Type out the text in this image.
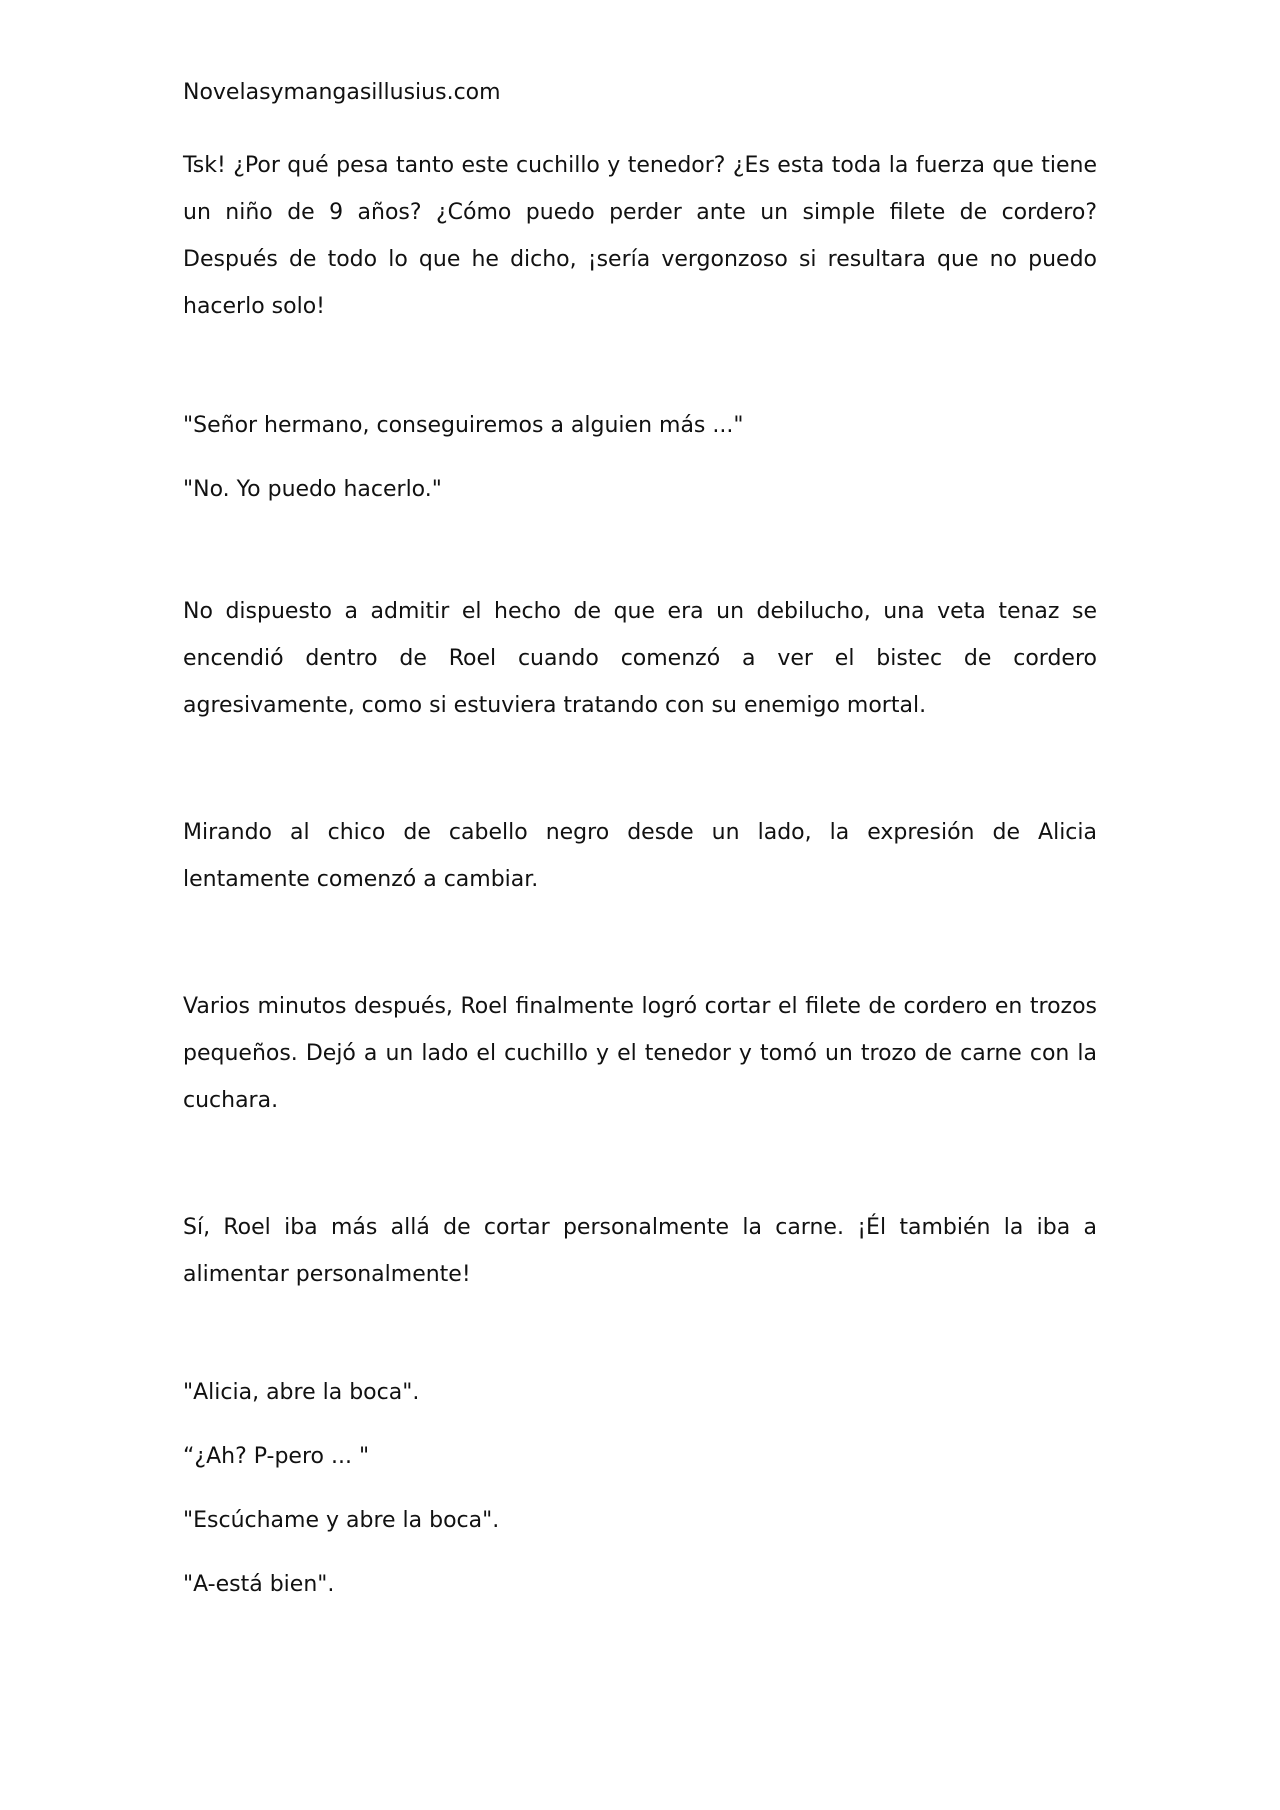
Novelasymangasillusius.com

Tsk! ¿Por qué pesa tanto este cuchillo y tenedor? ¿Es esta toda la fuerza que tiene un niño de 9 años? ¿Cómo puedo perder ante un simple filete de cordero? Después de todo lo que he dicho, ¡sería vergonzoso si resultara que no puedo hacerlo solo!

"Señor hermano, conseguiremos a alguien más ..."

"No. Yo puedo hacerlo."

No dispuesto a admitir el hecho de que era un debilucho, una veta tenaz se encendió dentro de Roel cuando comenzó a ver el bistec de cordero agresivamente, como si estuviera tratando con su enemigo mortal.

Mirando al chico de cabello negro desde un lado, la expresión de Alicia lentamente comenzó a cambiar.

Varios minutos después, Roel finalmente logró cortar el filete de cordero en trozos pequeños. Dejó a un lado el cuchillo y el tenedor y tomó un trozo de carne con la cuchara.

Sí, Roel iba más allá de cortar personalmente la carne. ¡Él también la iba a alimentar personalmente!

"Alicia, abre la boca".

“¿Ah? P-pero ... "

"Escúchame y abre la boca".

"A-está bien".
